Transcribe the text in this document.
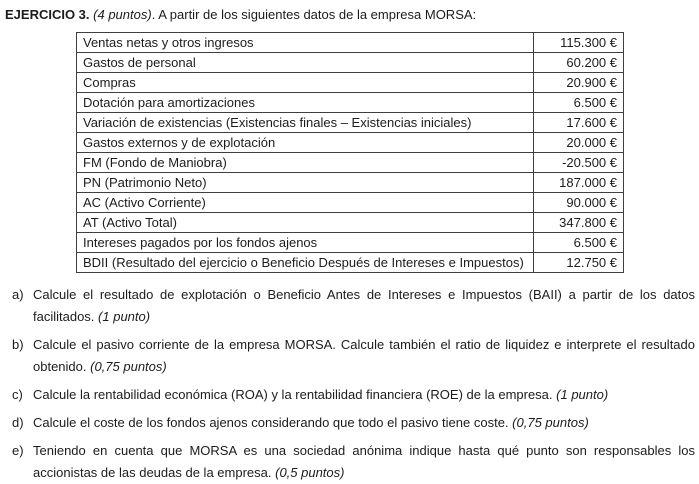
EJERCICIO 3. (4 puntos). A partir de los siguientes datos de la empresa MORSA:

Ventas netas y otros ingresos	115.300 €
Gastos de personal	60.200 €
Compras	20.900 €
Dotación para amortizaciones	6.500 €
Variación de existencias (Existencias finales – Existencias iniciales)	17.600 €
Gastos externos y de explotación	20.000 €
FM (Fondo de Maniobra)	-20.500 €
PN (Patrimonio Neto)	187.000 €
AC (Activo Corriente)	90.000 €
AT (Activo Total)	347.800 €
Intereses pagados por los fondos ajenos	6.500 €
BDII (Resultado del ejercicio o Beneficio Después de Intereses e Impuestos)	12.750 €
a) Calcule el resultado de explotación o Beneficio Antes de Intereses e Impuestos (BAII) a partir de los datos facilitados. (1 punto)
b) Calcule el pasivo corriente de la empresa MORSA. Calcule también el ratio de liquidez e interprete el resultado obtenido. (0,75 puntos)
c) Calcule la rentabilidad económica (ROA) y la rentabilidad financiera (ROE) de la empresa. (1 punto)
d) Calcule el coste de los fondos ajenos considerando que todo el pasivo tiene coste. (0,75 puntos)
e) Teniendo en cuenta que MORSA es una sociedad anónima indique hasta qué punto son responsables los accionistas de las deudas de la empresa. (0,5 puntos)
